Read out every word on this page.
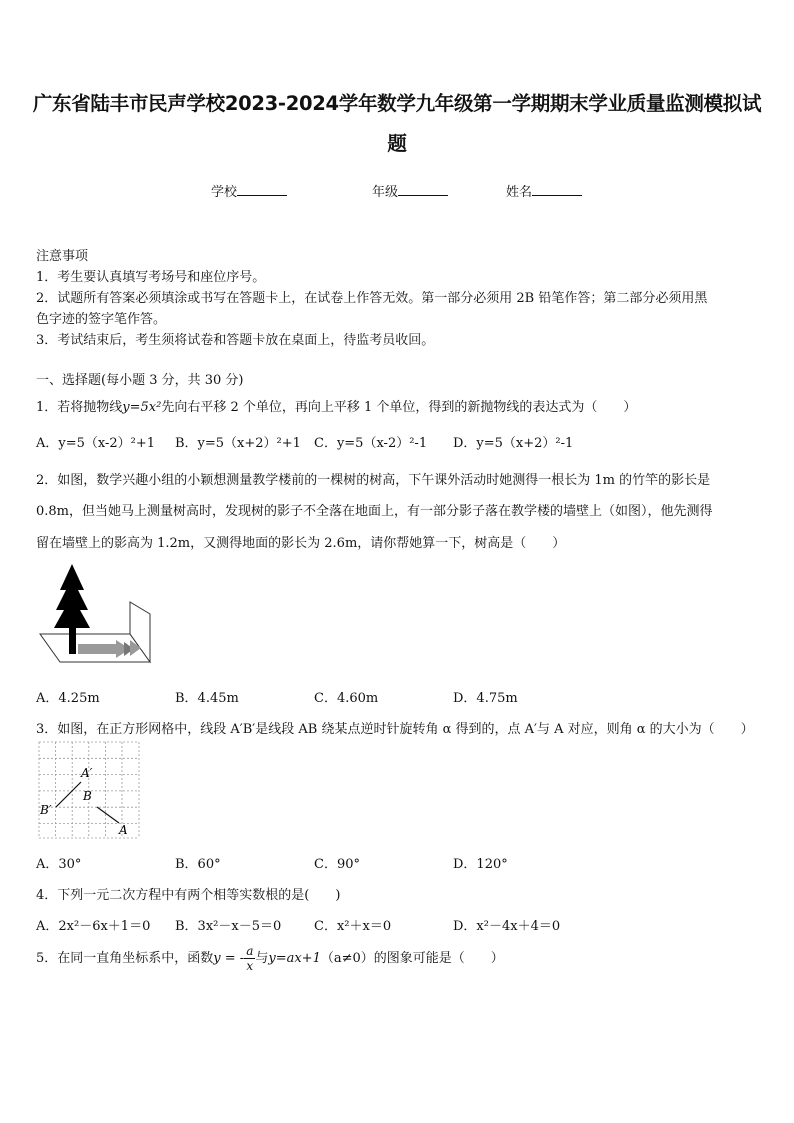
广东省陆丰市民声学校2023-2024学年数学九年级第一学期期末学业质量监测模拟试
题
学校	年级	姓名
注意事项
1．考生要认真填写考场号和座位序号。
2．试题所有答案必须填涂或书写在答题卡上，在试卷上作答无效。第一部分必须用 2B 铅笔作答；第二部分必须用黑
色字迹的签字笔作答。
3．考试结束后，考生须将试卷和答题卡放在桌面上，待监考员收回。
一、选择题(每小题 3 分，共 30 分)
1．若将抛物线y=5x²先向右平移 2 个单位，再向上平移 1 个单位，得到的新抛物线的表达式为（　　）
A．y=5（x-2）²+1 B．y=5（x+2）²+1 C．y=5（x-2）²-1 D．y=5（x+2）²-1
2．如图，数学兴趣小组的小颖想测量教学楼前的一棵树的树高，下午课外活动时她测得一根长为 1m 的竹竿的影长是
0.8m，但当她马上测量树高时，发现树的影子不全落在地面上，有一部分影子落在教学楼的墙壁上（如图），他先测得
留在墙壁上的影高为 1.2m，又测得地面的影长为 2.6m，请你帮她算一下，树高是（　　）
A．4.25m	B．4.45m	C．4.60m	D．4.75m
3．如图，在正方形网格中，线段 A′B′是线段 AB 绕某点逆时针旋转角 α 得到的，点 A′与 A 对应，则角 α 的大小为（　　）
A′
B
B′
A
A．30°	B．60°	C．90°	D．120°
4．下列一元二次方程中有两个相等实数根的是(　　)
A．2x²－6x＋1＝0 B．3x²－x－5＝0	C．x²＋x＝0	D．x²－4x＋4＝0
5．在同一直角坐标系中，函数y = - $\frac{a}{x}$ 与y=ax+1（a≠0）的图象可能是（　　）
